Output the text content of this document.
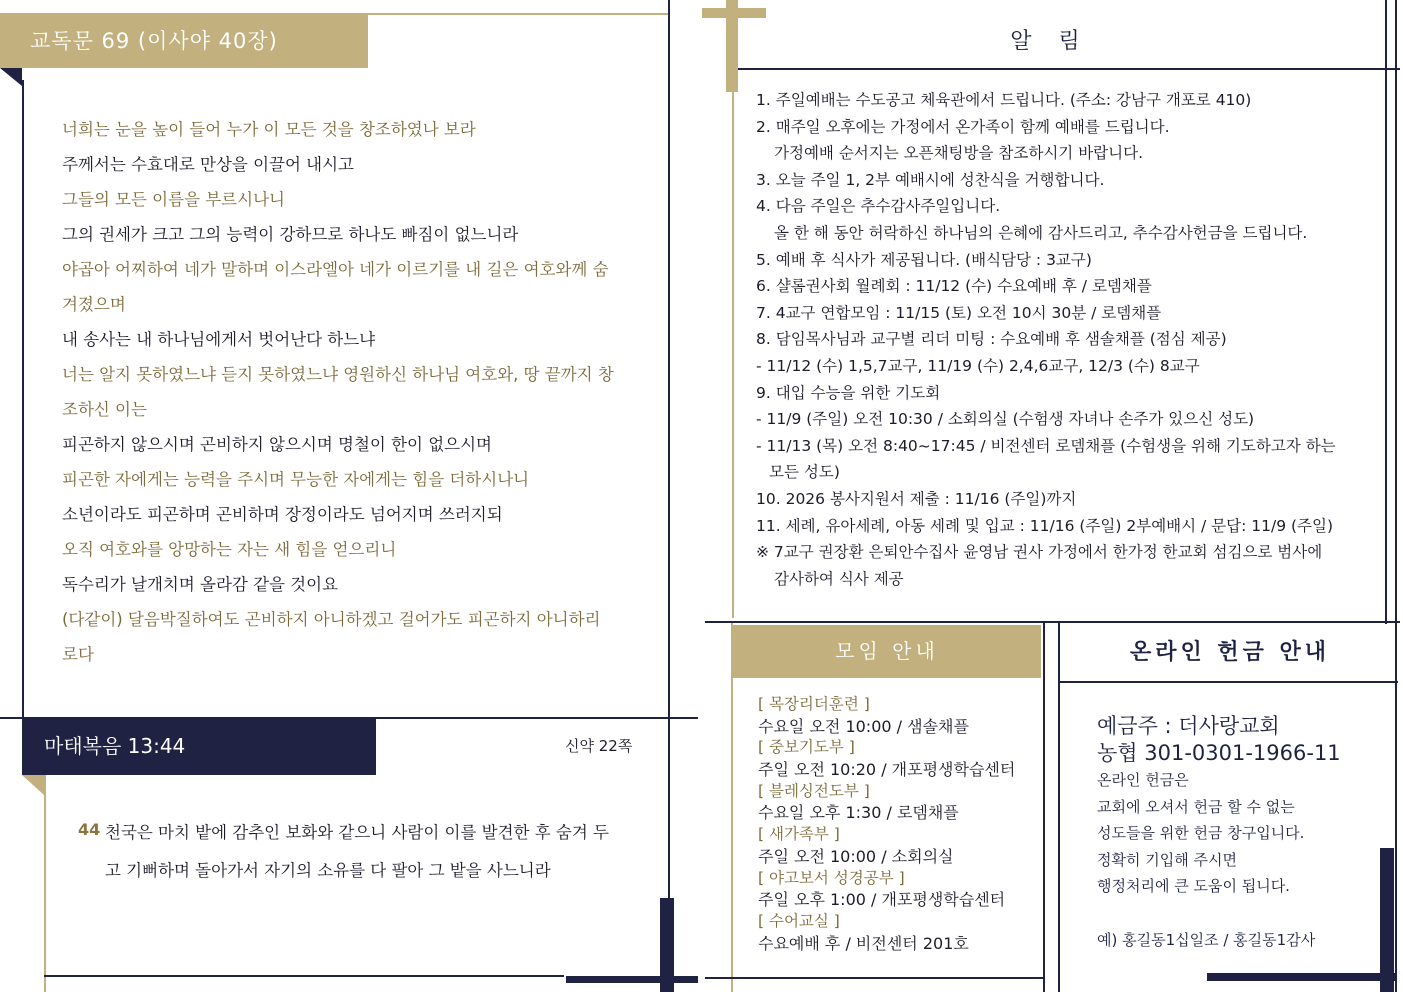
교독문 69 (이사야 40장)
너희는 눈을 높이 들어 누가 이 모든 것을 창조하였나 보라
주께서는 수효대로 만상을 이끌어 내시고
그들의 모든 이름을 부르시나니
그의 권세가 크고 그의 능력이 강하므로 하나도 빠짐이 없느니라
야곱아 어찌하여 네가 말하며 이스라엘아 네가 이르기를 내 길은 여호와께 숨
겨졌으며
내 송사는 내 하나님에게서 벗어난다 하느냐
너는 알지 못하였느냐 듣지 못하였느냐 영원하신 하나님 여호와, 땅 끝까지 창
조하신 이는
피곤하지 않으시며 곤비하지 않으시며 명철이 한이 없으시며
피곤한 자에게는 능력을 주시며 무능한 자에게는 힘을 더하시나니
소년이라도 피곤하며 곤비하며 장정이라도 넘어지며 쓰러지되
오직 여호와를 앙망하는 자는 새 힘을 얻으리니
독수리가 날개치며 올라감 같을 것이요
(다같이) 달음박질하여도 곤비하지 아니하겠고 걸어가도 피곤하지 아니하리
로다
마태복음 13:44	신약 22쪽
44 천국은 마치 밭에 감추인 보화와 같으니 사람이 이를 발견한 후 숨겨 두
고 기뻐하며 돌아가서 자기의 소유를 다 팔아 그 밭을 사느니라
알 림
1. 주일예배는 수도공고 체육관에서 드립니다. (주소: 강남구 개포로 410)
2. 매주일 오후에는 가정에서 온가족이 함께 예배를 드립니다.
가정예배 순서지는 오픈채팅방을 참조하시기 바랍니다.
3. 오늘 주일 1, 2부 예배시에 성찬식을 거행합니다.
4. 다음 주일은 추수감사주일입니다.
올 한 해 동안 허락하신 하나님의 은혜에 감사드리고, 추수감사헌금을 드립니다.
5. 예배 후 식사가 제공됩니다. (배식담당 : 3교구)
6. 샬롬권사회 월례회 : 11/12 (수) 수요예배 후 / 로뎀채플
7. 4교구 연합모임 : 11/15 (토) 오전 10시 30분 / 로뎀채플
8. 담임목사님과 교구별 리더 미팅 : 수요예배 후 샘솔채플 (점심 제공)
- 11/12 (수) 1,5,7교구, 11/19 (수) 2,4,6교구, 12/3 (수) 8교구
9. 대입 수능을 위한 기도회
- 11/9 (주일) 오전 10:30 / 소회의실 (수험생 자녀나 손주가 있으신 성도)
- 11/13 (목) 오전 8:40~17:45 / 비전센터 로뎀채플 (수험생을 위해 기도하고자 하는
모든 성도)
10. 2026 봉사지원서 제출 : 11/16 (주일)까지
11. 세례, 유아세례, 아동 세례 및 입교 : 11/16 (주일) 2부예배시 / 문답: 11/9 (주일)
※ 7교구 권장환 은퇴안수집사 윤영남 권사 가정에서 한가정 한교회 섬김으로 범사에
감사하여 식사 제공
모임 안내
[ 목장리더훈련 ]
수요일 오전 10:00 / 샘솔채플
[ 중보기도부 ]
주일 오전 10:20 / 개포평생학습센터
[ 블레싱전도부 ]
수요일 오후 1:30 / 로뎀채플
[ 새가족부 ]
주일 오전 10:00 / 소회의실
[ 야고보서 성경공부 ]
주일 오후 1:00 / 개포평생학습센터
[ 수어교실 ]
수요예배 후 / 비전센터 201호
온라인 헌금 안내
예금주 : 더사랑교회
농협 301-0301-1966-11
온라인 헌금은
교회에 오셔서 헌금 할 수 없는
성도들을 위한 헌금 창구입니다.
정확히 기입해 주시면
행정처리에 큰 도움이 됩니다.
예) 홍길동1십일조 / 홍길동1감사
